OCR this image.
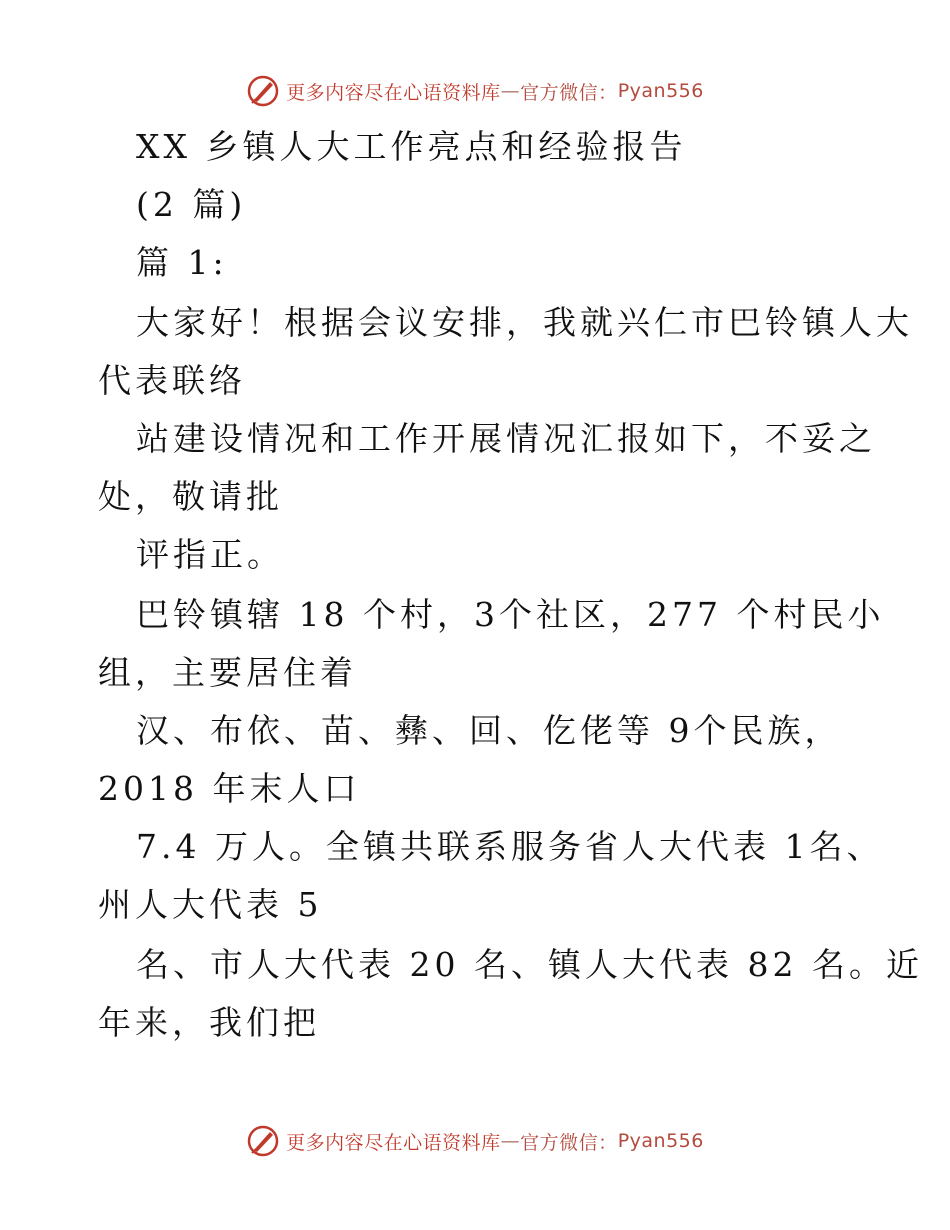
更多内容尽在心语资料库 — 官方微信： Pyan556
XX 乡镇人大工作亮点和经验报告
(2 篇)
篇 1:
大家好！根据会议安排，我就兴仁市巴铃镇人大
代表联络
站建设情况和工作开展情况汇报如下，不妥之
处，敬请批
评指正。
巴铃镇辖 18 个村，3个社区，277 个村民小
组，主要居住着
汉、布依、苗、彝、回、仡佬等 9个民族，
2018 年末人口
7.4 万人。全镇共联系服务省人大代表 1名、
州人大代表 5
名、市人大代表 20 名、镇人大代表 82 名。近
年来，我们把
更多内容尽在心语资料库 — 官方微信： Pyan556
